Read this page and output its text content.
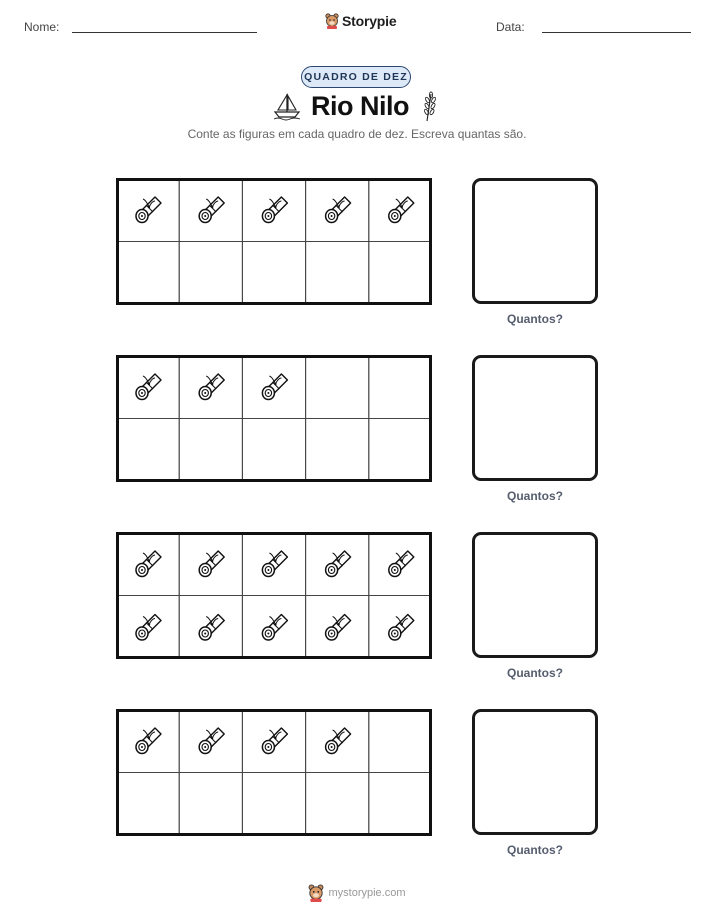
Nome:	Storypie	Data:
QUADRO DE DEZ
Rio Nilo
Conte as figuras em cada quadro de dez. Escreva quantas são.
Quantos?
Quantos?
Quantos?
Quantos?
mystorypie.com
